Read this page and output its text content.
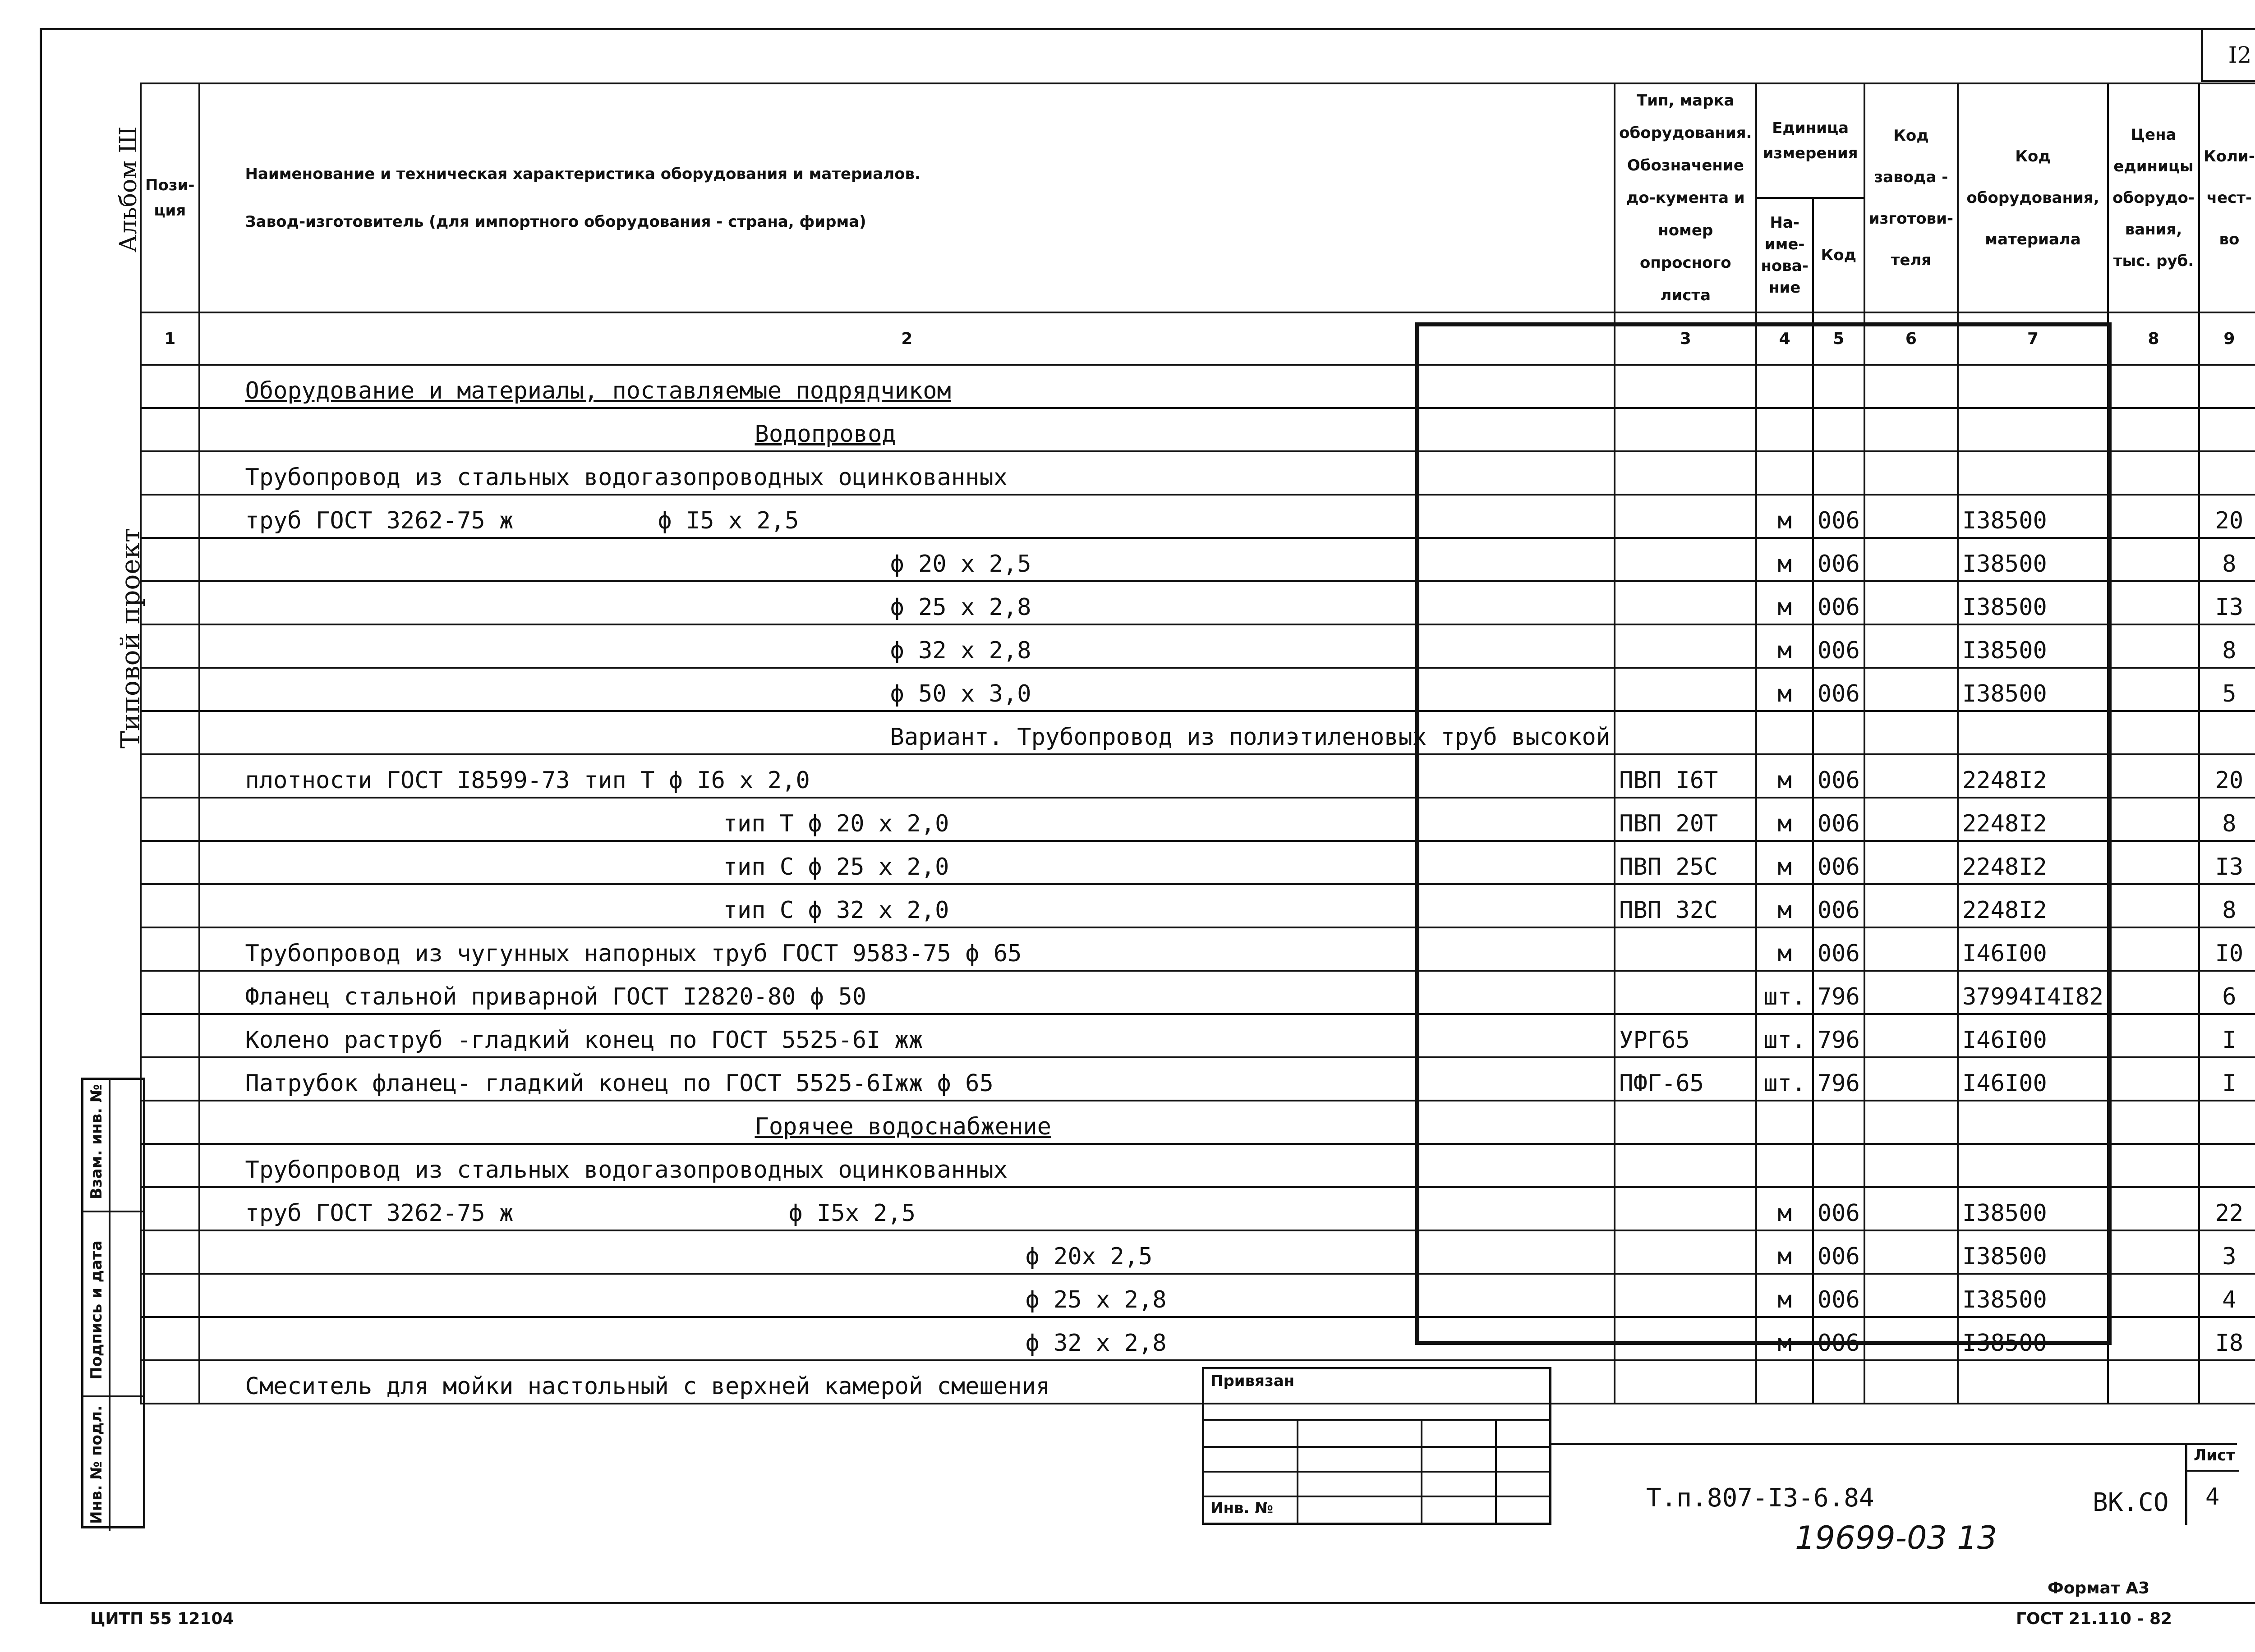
I2
Альбом Ш
Типовой проект
Взам. инв. №
Подпись и дата
Инв. № подл.
Пози-ция	Наименование и техническая характеристика оборудования и материалов.
Завод-изготовитель (для импортного оборудования - страна, фирма)	Тип, марка оборудования. Обозначение до-кумента и номер опросного листа	Единица измерения		Код завода - изготови-теля	Код оборудования, материала	Цена единицы оборудо-вания, тыс. руб.	Коли-чест-во	
			На-име-нова-ние	Код					
1	2	3	4	5	6	7	8	9	
	Оборудование и материалы, поставляемые подрядчиком								
	Водопровод								
	Трубопровод из стальных водогазопроводных оцинкованных								
	труб ГОСТ 3262-75 ж ϕ I5 x 2,5		м	006		I38500		20	
	ϕ 20 x 2,5		м	006		I38500		8	
	ϕ 25 x 2,8		м	006		I38500		I3	
	ϕ 32 x 2,8		м	006		I38500		8	
	ϕ 50 x 3,0		м	006		I38500		5	
	Вариант. Трубопровод из полиэтиленовых труб высокой								
	плотности ГОСТ I8599-73 тип Т ϕ I6 x 2,0	ПВП I6Т	м	006		2248I2		20	
	тип Т ϕ 20 x 2,0	ПВП 20Т	м	006		2248I2		8	
	тип С ϕ 25 x 2,0	ПВП 25С	м	006		2248I2		I3	
	тип С ϕ 32 x 2,0	ПВП 32С	м	006		2248I2		8	
	Трубопровод из чугунных напорных труб ГОСТ 9583-75 ϕ 65		м	006		I46I00		I0	
	Фланец стальной приварной ГОСТ I2820-80 ϕ 50		шт.	796		37994I4I82		6	
	Колено раструб -гладкий конец по ГОСТ 5525-6I жж	УРГ65	шт.	796		I46I00		I	
	Патрубок фланец- гладкий конец по ГОСТ 5525-6Iжж ϕ 65	ПФГ-65	шт.	796		I46I00		I	
	Горячее водоснабжение								
	Трубопровод из стальных водогазопроводных оцинкованных								
	труб ГОСТ 3262-75 ж ϕ I5x 2,5		м	006		I38500		22	
	ϕ 20x 2,5		м	006		I38500		3	
	ϕ 25 x 2,8		м	006		I38500		4	
	ϕ 32 x 2,8		м	006		I38500		I8	
	Смеситель для мойки настольный с верхней камерой смешения									Привязан
Инв. №
Лист
4
Т.п.807-I3-6.84	ВК.СО
19699-03 13
Формат А3
ЦИТП 55 12104	ГОСТ 21.110 - 82
